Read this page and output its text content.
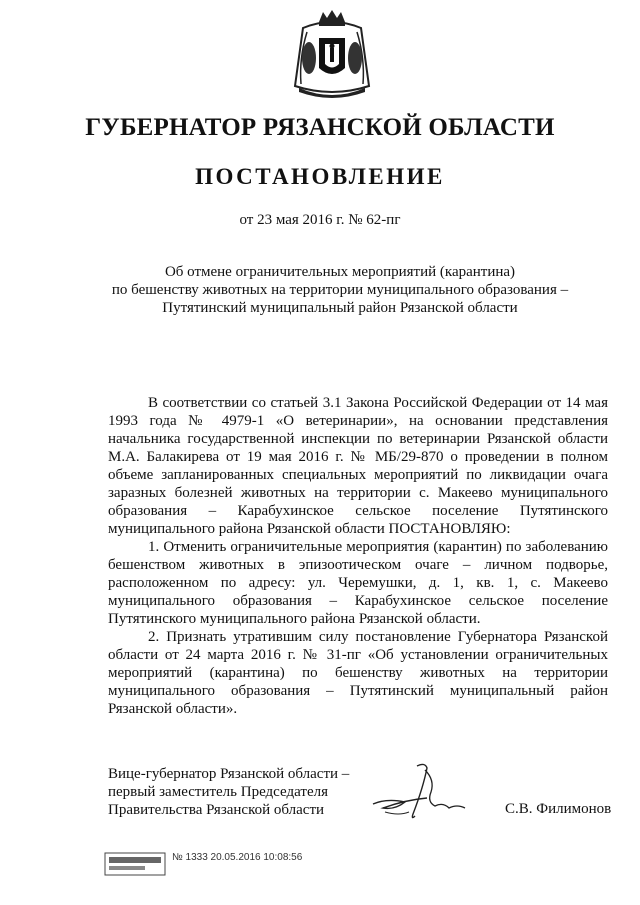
ГУБЕРНАТОР РЯЗАНСКОЙ ОБЛАСТИ
ПОСТАНОВЛЕНИЕ
от 23 мая 2016 г. № 62-пг
Об отмене ограничительных мероприятий (карантина)
по бешенству животных на территории муниципального образования –
Путятинский муниципальный район Рязанской области

В соответствии со статьей 3.1 Закона Российской Федерации от 14 мая 1993 года № 4979-1 «О ветеринарии», на основании представления начальника государственной инспекции по ветеринарии Рязанской области М.А. Балакирева от 19 мая 2016 г. № МБ/29-870 о проведении в полном объеме запланированных специальных мероприятий по ликвидации очага заразных болезней животных на территории с. Макеево муниципального образования – Карабухинское сельское поселение Путятинского муниципального района Рязанской области ПОСТАНОВЛЯЮ:

1. Отменить ограничительные мероприятия (карантин) по заболеванию бешенством животных в эпизоотическом очаге – личном подворье, расположенном по адресу: ул. Черемушки, д. 1, кв. 1, с. Макеево муниципального образования – Карабухинское сельское поселение Путятинского муниципального района Рязанской области.

2. Признать утратившим силу постановление Губернатора Рязанской области от 24 марта 2016 г. № 31-пг «Об установлении ограничительных мероприятий (карантина) по бешенству животных на территории муниципального образования – Путятинский муниципальный район Рязанской области».

Вице-губернатор Рязанской области –
первый заместитель Председателя
Правительства Рязанской области	С.В. Филимонов
№ 1333 20.05.2016 10:08:56
